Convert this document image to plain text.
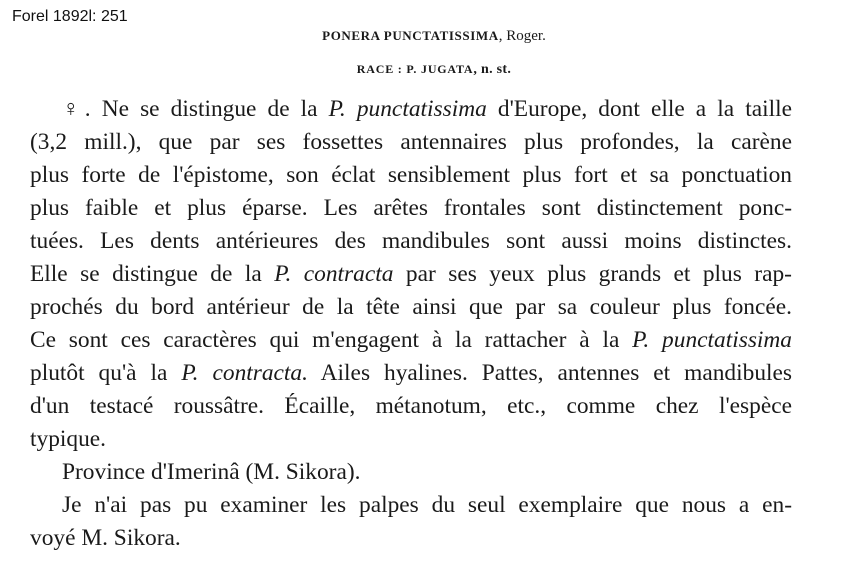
Forel 1892l: 251
PONERA PUNCTATISSIMA, Roger.
RACE : P. JUGATA, n. st.
♀. Ne se distingue de la P. punctatissima d'Europe, dont elle a la taille
(3,2 mill.), que par ses fossettes antennaires plus profondes, la carène
plus forte de l'épistome, son éclat sensiblement plus fort et sa ponctuation
plus faible et plus éparse. Les arêtes frontales sont distinctement ponc-
tuées. Les dents antérieures des mandibules sont aussi moins distinctes.
Elle se distingue de la P. contracta par ses yeux plus grands et plus rap-
prochés du bord antérieur de la tête ainsi que par sa couleur plus foncée.
Ce sont ces caractères qui m'engagent à la rattacher à la P. punctatissima
plutôt qu'à la P. contracta. Ailes hyalines. Pattes, antennes et mandibules
d'un testacé roussâtre. Écaille, métanotum, etc., comme chez l'espèce
typique.
Province d'Imerinâ (M. Sikora).
Je n'ai pas pu examiner les palpes du seul exemplaire que nous a en-
voyé M. Sikora.
